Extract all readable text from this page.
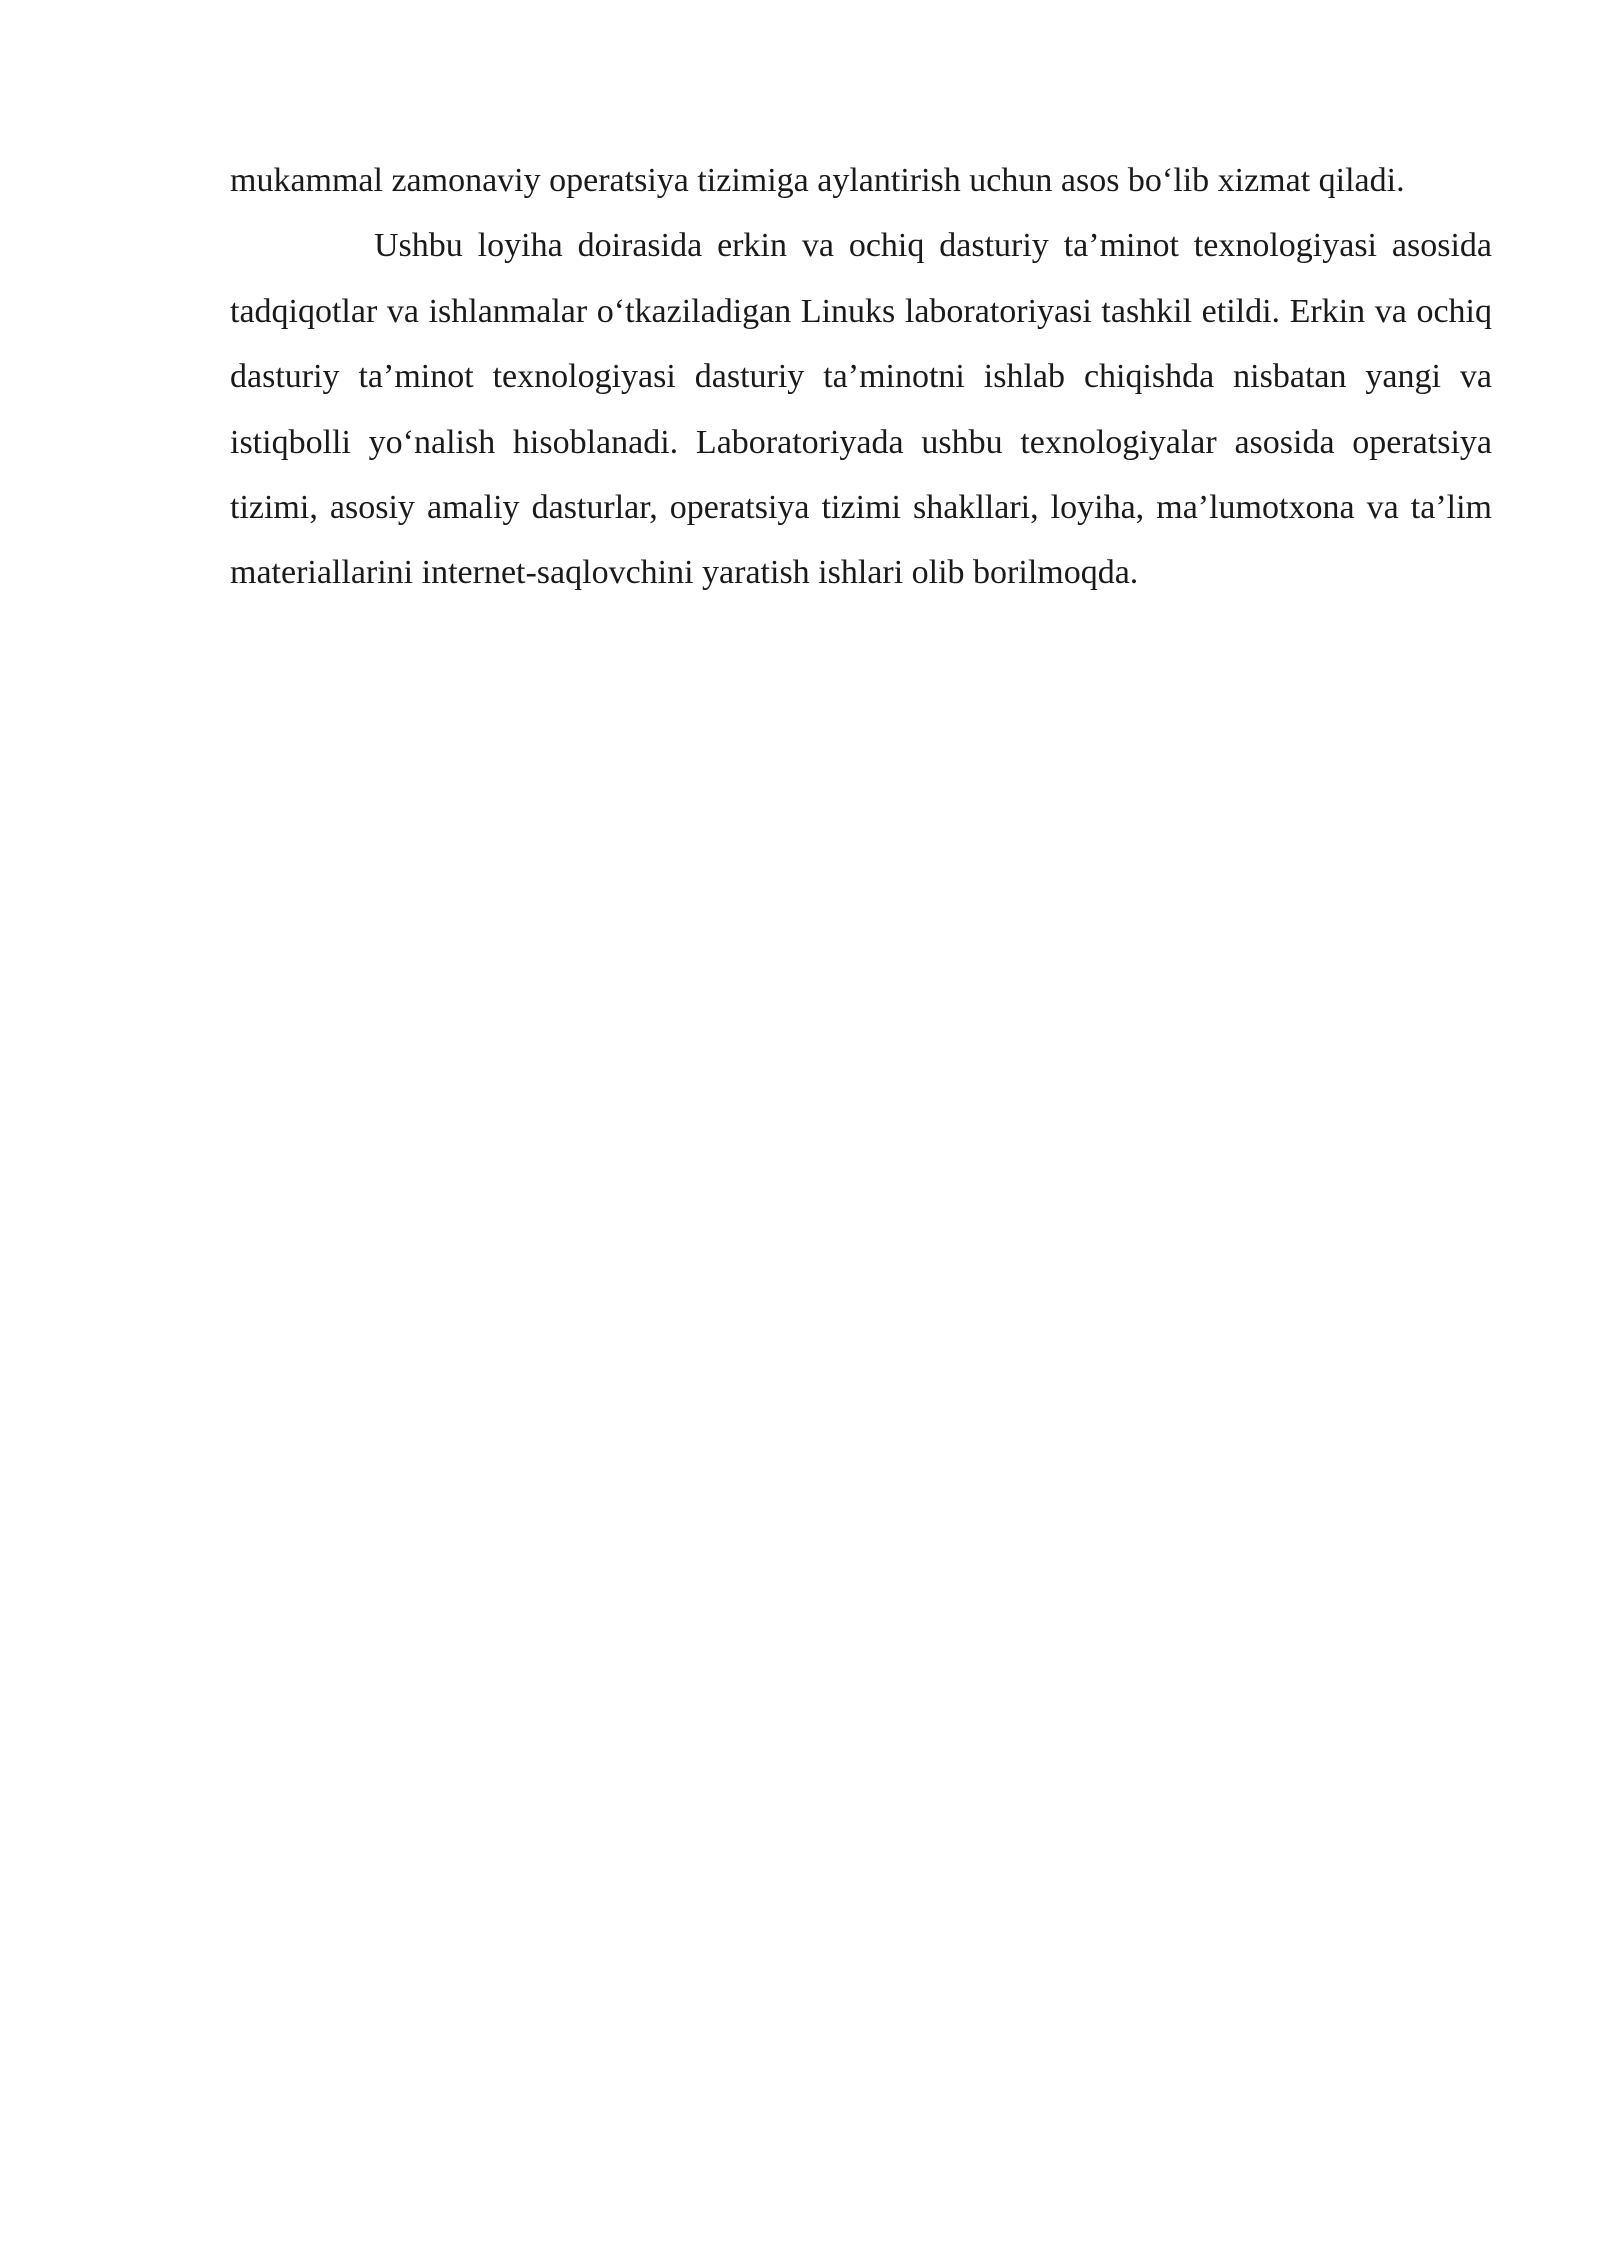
mukammal zamonaviy operatsiya tizimiga aylantirish uchun asos bo‘lib xizmat qiladi.

Ushbu loyiha doirasida erkin va ochiq dasturiy ta’minot texnologiyasi asosida tadqiqotlar va ishlanmalar o‘tkaziladigan Linuks laboratoriyasi tashkil etildi. Erkin va ochiq dasturiy ta’minot texnologiyasi dasturiy ta’minotni ishlab chiqishda nisbatan yangi va istiqbolli yo‘nalish hisoblanadi. Laboratoriyada ushbu texnologiyalar asosida operatsiya tizimi, asosiy amaliy dasturlar, operatsiya tizimi shakllari, loyiha, ma’lumotxona va ta’lim materiallarini internet-saqlovchini yaratish ishlari olib borilmoqda.
